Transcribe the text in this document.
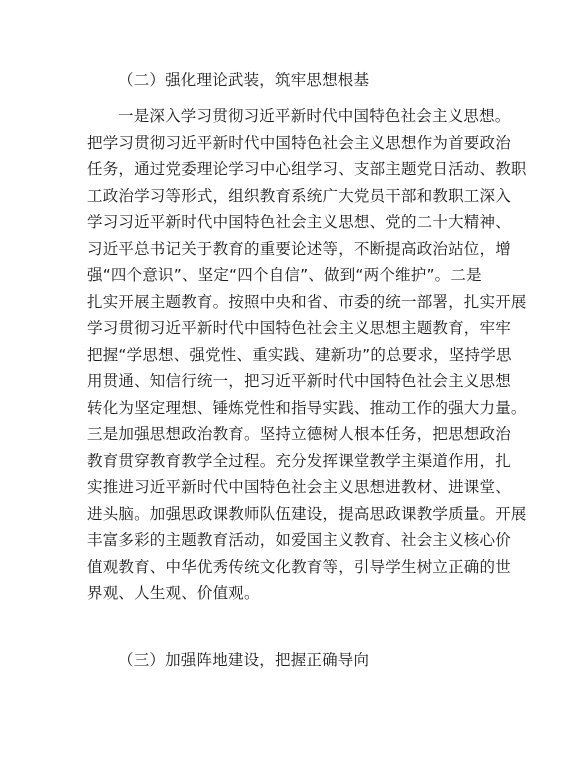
（二）强化理论武装，筑牢思想根基
一是深入学习贯彻习近平新时代中国特色社会主义思想。
把学习贯彻习近平新时代中国特色社会主义思想作为首要政治
任务，通过党委理论学习中心组学习、支部主题党日活动、教职
工政治学习等形式，组织教育系统广大党员干部和教职工深入
学习习近平新时代中国特色社会主义思想、党的二十大精神、
习近平总书记关于教育的重要论述等，不断提高政治站位，增
强“四个意识”、坚定“四个自信”、做到“两个维护”。二是
扎实开展主题教育。按照中央和省、市委的统一部署，扎实开展
学习贯彻习近平新时代中国特色社会主义思想主题教育，牢牢
把握“学思想、强党性、重实践、建新功”的总要求，坚持学思
用贯通、知信行统一，把习近平新时代中国特色社会主义思想
转化为坚定理想、锤炼党性和指导实践、推动工作的强大力量。
三是加强思想政治教育。坚持立德树人根本任务，把思想政治
教育贯穿教育教学全过程。充分发挥课堂教学主渠道作用，扎
实推进习近平新时代中国特色社会主义思想进教材、进课堂、
进头脑。加强思政课教师队伍建设，提高思政课教学质量。开展
丰富多彩的主题教育活动，如爱国主义教育、社会主义核心价
值观教育、中华优秀传统文化教育等，引导学生树立正确的世
界观、人生观、价值观。
（三）加强阵地建设，把握正确导向
